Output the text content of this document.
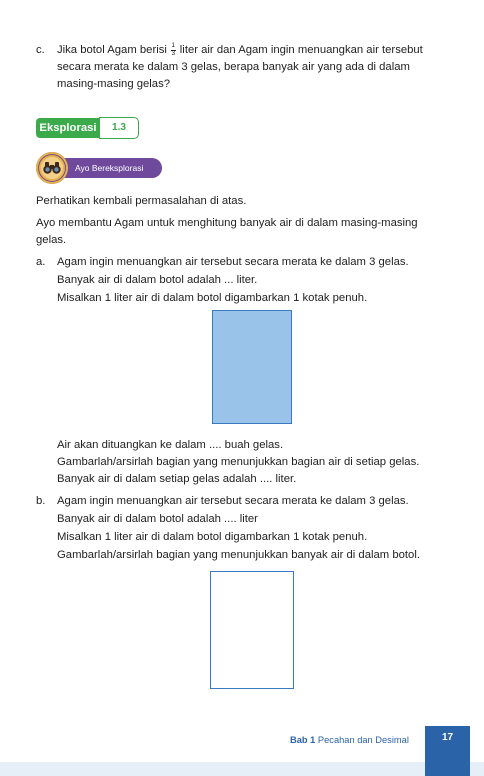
c. Jika botol Agam berisi $\frac{1}{3}$ liter air dan Agam ingin menuangkan air tersebut
secara merata ke dalam 3 gelas, berapa banyak air yang ada di dalam
masing-masing gelas?
Eksplorasi	1.3
Ayo Bereksplorasi
Perhatikan kembali permasalahan di atas.
Ayo membantu Agam untuk menghitung banyak air di dalam masing-masing
gelas.
a. Agam ingin menuangkan air tersebut secara merata ke dalam 3 gelas.
Banyak air di dalam botol adalah ... liter.
Misalkan 1 liter air di dalam botol digambarkan 1 kotak penuh.
Air akan dituangkan ke dalam .... buah gelas.
Gambarlah/arsirlah bagian yang menunjukkan bagian air di setiap gelas.
Banyak air di dalam setiap gelas adalah .... liter.
b. Agam ingin menuangkan air tersebut secara merata ke dalam 3 gelas.
Banyak air di dalam botol adalah .... liter
Misalkan 1 liter air di dalam botol digambarkan 1 kotak penuh.
Gambarlah/arsirlah bagian yang menunjukkan banyak air di dalam botol.
Bab 1 Pecahan dan Desimal	17
